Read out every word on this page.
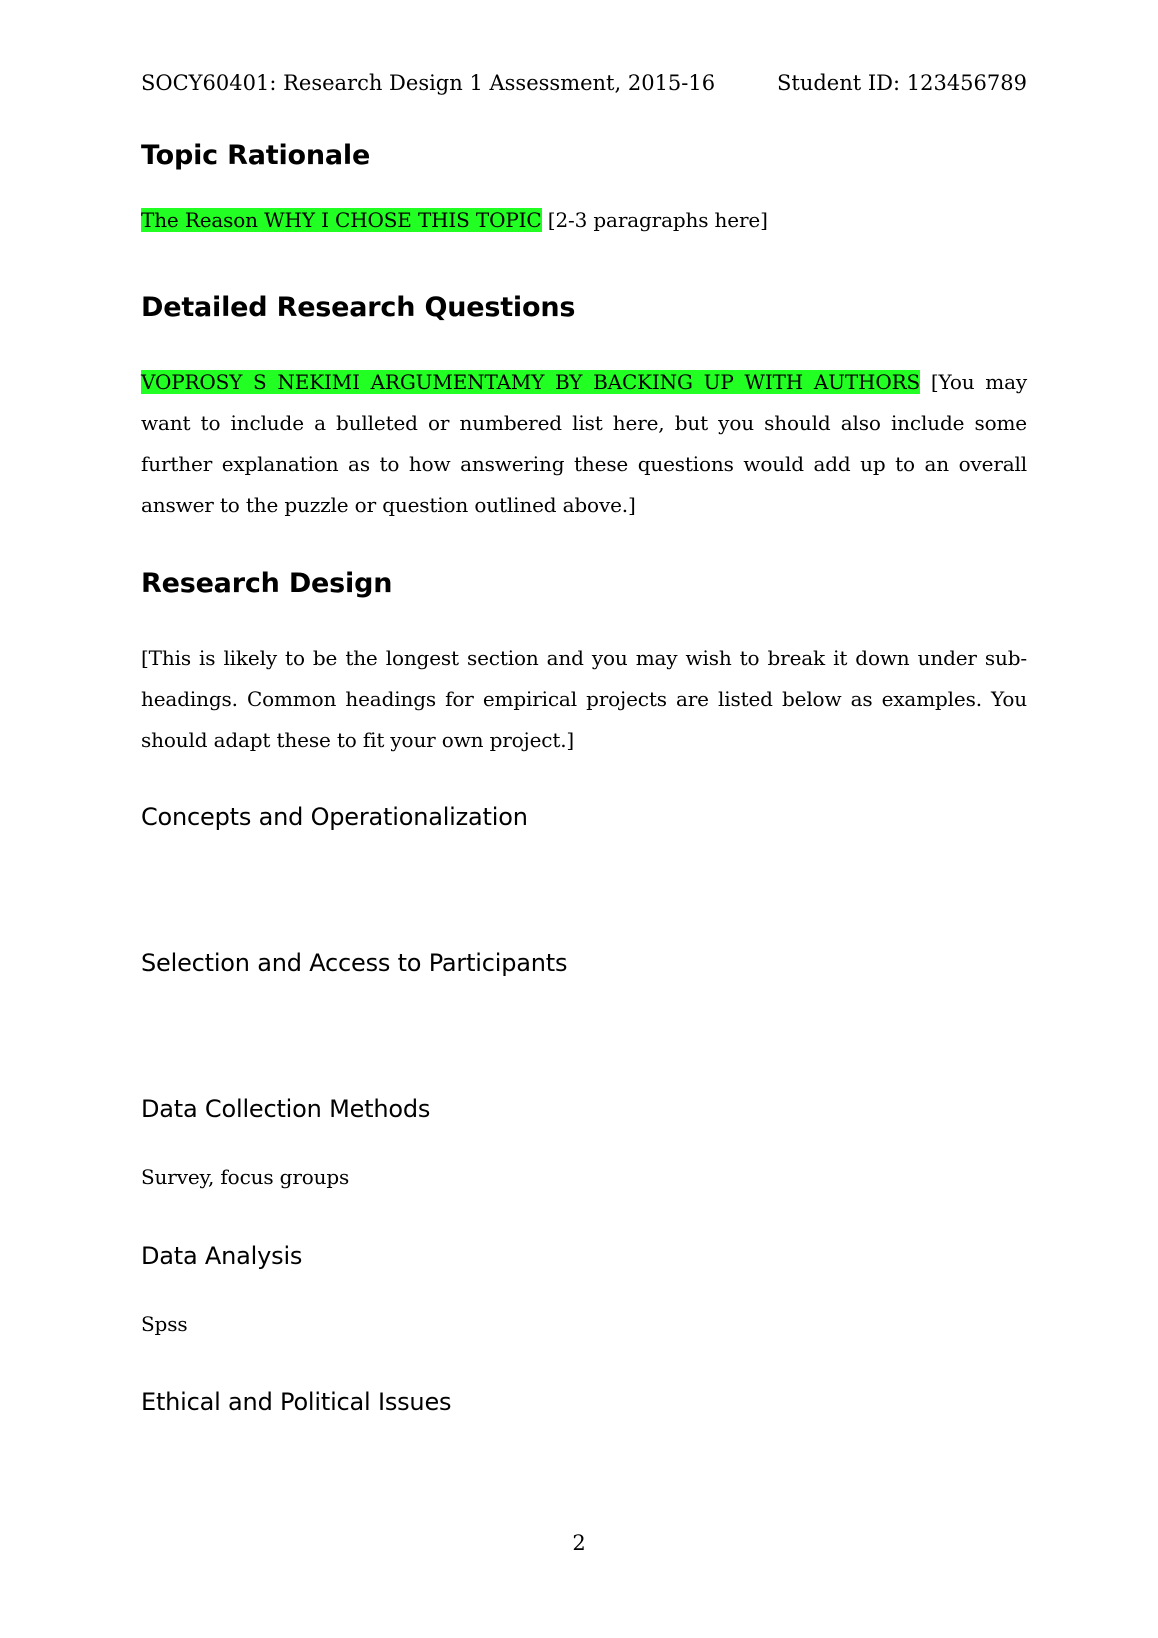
SOCY60401: Research Design 1 Assessment, 2015-16	Student ID: 123456789
Topic Rationale
The Reason WHY I CHOSE THIS TOPIC [2-3 paragraphs here]
Detailed Research Questions
VOPROSY S NEKIMI ARGUMENTAMY BY BACKING UP WITH AUTHORS [You may want to include a bulleted or numbered list here, but you should also include some further explanation as to how answering these questions would add up to an overall answer to the puzzle or question outlined above.]
Research Design
[This is likely to be the longest section and you may wish to break it down under sub-headings. Common headings for empirical projects are listed below as examples. You should adapt these to fit your own project.]
Concepts and Operationalization
Selection and Access to Participants
Data Collection Methods
Survey, focus groups
Data Analysis
Spss
Ethical and Political Issues
2
